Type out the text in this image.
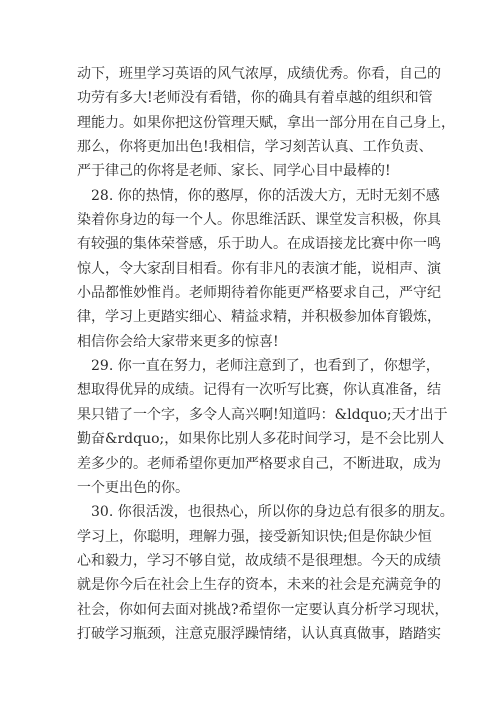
动下，班里学习英语的风气浓厚，成绩优秀。你看，自己的
功劳有多大!老师没有看错，你的确具有着卓越的组织和管
理能力。如果你把这份管理天赋，拿出一部分用在自己身上，
那么，你将更加出色!我相信，学习刻苦认真、工作负责、
严于律己的你将是老师、家长、同学心目中最棒的!
28. 你的热情，你的憨厚，你的活泼大方，无时无刻不感
染着你身边的每一个人。你思维活跃、课堂发言积极，你具
有较强的集体荣誉感，乐于助人。在成语接龙比赛中你一鸣
惊人，令大家刮目相看。你有非凡的表演才能，说相声、演
小品都惟妙惟肖。老师期待着你能更严格要求自己，严守纪
律，学习上更踏实细心、精益求精，并积极参加体育锻炼，
相信你会给大家带来更多的惊喜!
29. 你一直在努力，老师注意到了，也看到了，你想学，
想取得优异的成绩。记得有一次听写比赛，你认真准备，结
果只错了一个字，多令人高兴啊!知道吗：&ldquo;天才出于
勤奋&rdquo;，如果你比别人多花时间学习，是不会比别人
差多少的。老师希望你更加严格要求自己，不断进取，成为
一个更出色的你。
30. 你很活泼，也很热心，所以你的身边总有很多的朋友。
学习上，你聪明，理解力强，接受新知识快;但是你缺少恒
心和毅力，学习不够自觉，故成绩不是很理想。今天的成绩
就是你今后在社会上生存的资本，未来的社会是充满竞争的
社会，你如何去面对挑战?希望你一定要认真分析学习现状，
打破学习瓶颈，注意克服浮躁情绪，认认真真做事，踏踏实
